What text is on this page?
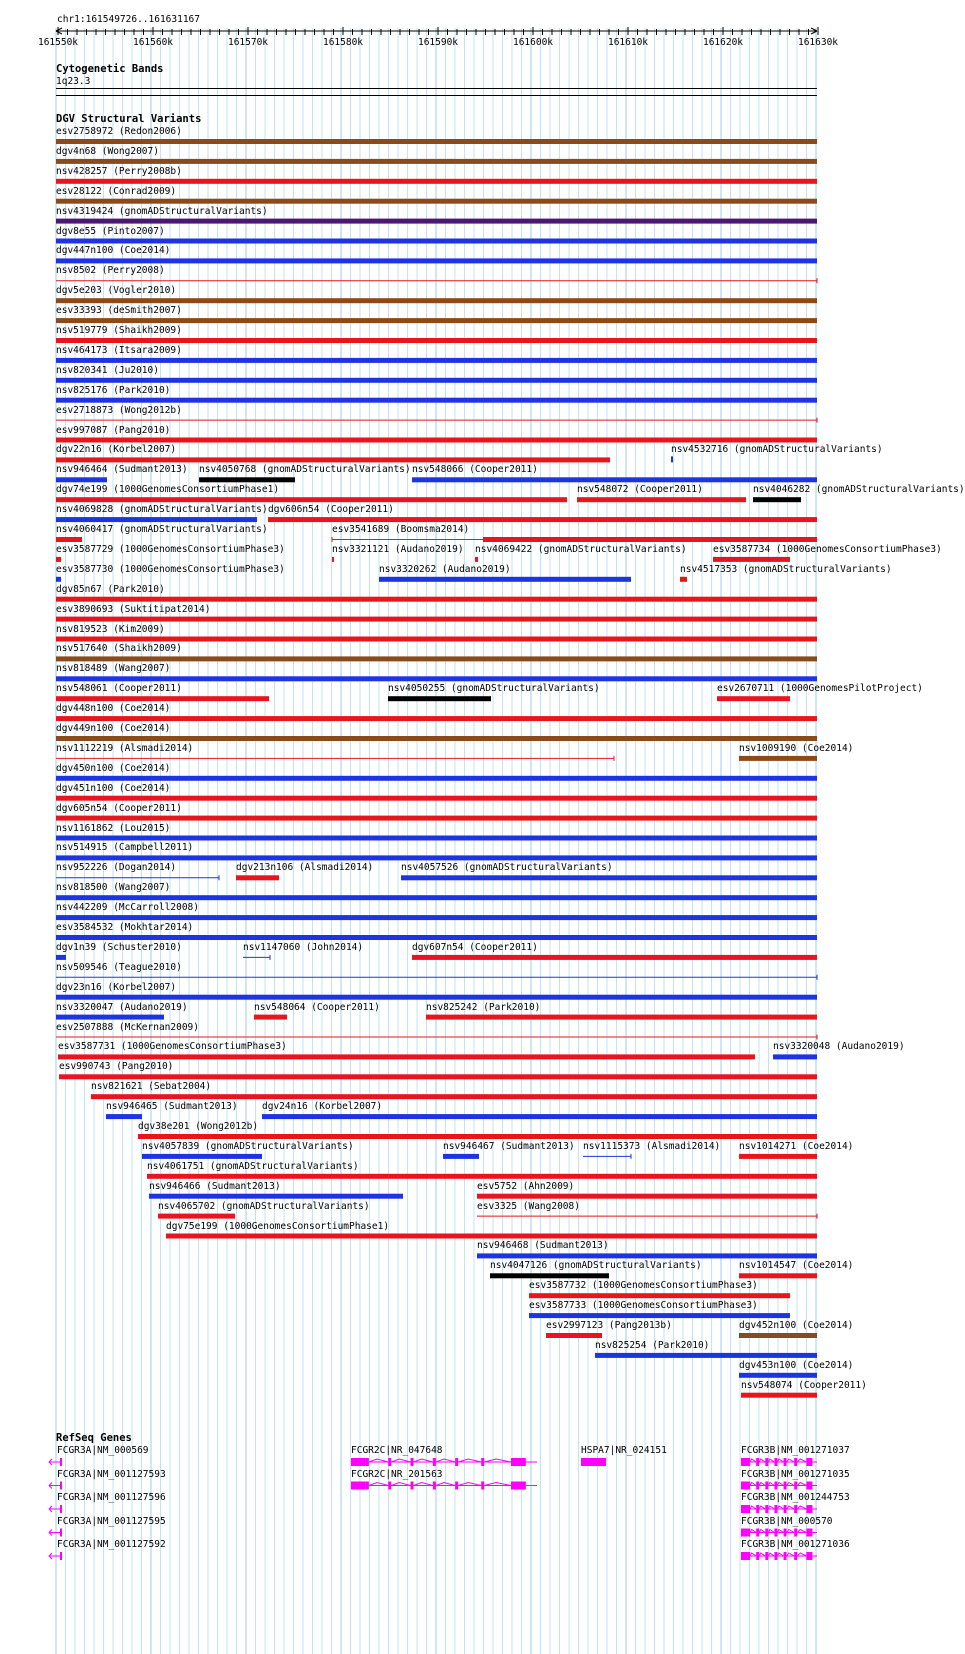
chr1:161549726..161631167
161550k	161560k	161570k	161580k	161590k	161600k	161610k	161620k	161630k
Cytogenetic Bands
1q23.3
DGV Structural Variants
esv2758972 (Redon2006)
dgv4n68 (Wong2007)
nsv428257 (Perry2008b)
esv28122 (Conrad2009)
nsv4319424 (gnomADStructuralVariants)
dgv8e55 (Pinto2007)
dgv447n100 (Coe2014)
nsv8502 (Perry2008)
dgv5e203 (Vogler2010)
esv33393 (deSmith2007)
nsv519779 (Shaikh2009)
nsv464173 (Itsara2009)
nsv820341 (Ju2010)
nsv825176 (Park2010)
esv2718873 (Wong2012b)
esv997087 (Pang2010)
dgv22n16 (Korbel2007)	nsv4532716 (gnomADStructuralVariants)
nsv946464 (Sudmant2013) nsv4050768 (gnomADStructuralVariants) nsv548066 (Cooper2011)
dgv74e199 (1000GenomesConsortiumPhase1)	nsv548072 (Cooper2011)	nsv4046282 (gnomADStructuralVariants)
nsv4069828 (gnomADStructuralVariants) dgv606n54 (Cooper2011)
nsv4060417 (gnomADStructuralVariants)	esv3541689 (Boomsma2014)
esv3587729 (1000GenomesConsortiumPhase3)	nsv3321121 (Audano2019) nsv4069422 (gnomADStructuralVariants)	esv3587734 (1000GenomesConsortiumPhase3)
esv3587730 (1000GenomesConsortiumPhase3)	nsv3320262 (Audano2019)	nsv4517353 (gnomADStructuralVariants)
dgv85n67 (Park2010)
esv3890693 (Suktitipat2014)
nsv819523 (Kim2009)
nsv517640 (Shaikh2009)
nsv818489 (Wang2007)
nsv548061 (Cooper2011)	nsv4050255 (gnomADStructuralVariants)	esv2670711 (1000GenomesPilotProject)
dgv448n100 (Coe2014)
dgv449n100 (Coe2014)
nsv1112219 (Alsmadi2014)	nsv1009190 (Coe2014)
dgv450n100 (Coe2014)
dgv451n100 (Coe2014)
dgv605n54 (Cooper2011)
nsv1161862 (Lou2015)
nsv514915 (Campbell2011)
nsv952226 (Dogan2014)	dgv213n106 (Alsmadi2014)	nsv4057526 (gnomADStructuralVariants)
nsv818500 (Wang2007)
nsv442209 (McCarroll2008)
esv3584532 (Mokhtar2014)
dgv1n39 (Schuster2010)	nsv1147060 (John2014)	dgv607n54 (Cooper2011)
nsv509546 (Teague2010)
dgv23n16 (Korbel2007)
nsv3320047 (Audano2019)	nsv548064 (Cooper2011)	nsv825242 (Park2010)
esv2507888 (McKernan2009)
esv3587731 (1000GenomesConsortiumPhase3)	nsv3320048 (Audano2019)
esv990743 (Pang2010)
nsv821621 (Sebat2004)
nsv946465 (Sudmant2013)	dgv24n16 (Korbel2007)
dgv38e201 (Wong2012b)
nsv4057839 (gnomADStructuralVariants)	nsv946467 (Sudmant2013) nsv1115373 (Alsmadi2014) nsv1014271 (Coe2014)
nsv4061751 (gnomADStructuralVariants)
nsv946466 (Sudmant2013)	esv5752 (Ahn2009)
nsv4065702 (gnomADStructuralVariants)	esv3325 (Wang2008)
dgv75e199 (1000GenomesConsortiumPhase1)
nsv946468 (Sudmant2013)
nsv4047126 (gnomADStructuralVariants)	nsv1014547 (Coe2014)
esv3587732 (1000GenomesConsortiumPhase3)
esv3587733 (1000GenomesConsortiumPhase3)
esv2997123 (Pang2013b)	dgv452n100 (Coe2014)
nsv825254 (Park2010)
dgv453n100 (Coe2014)
nsv548074 (Cooper2011)
RefSeq Genes
FCGR3A|NM_000569	FCGR2C|NR_047648	HSPA7|NR_024151	FCGR3B|NM_001271037
FCGR3A|NM_001127593	FCGR2C|NR_201563	FCGR3B|NM_001271035
FCGR3A|NM_001127596	FCGR3B|NM_001244753
FCGR3A|NM_001127595	FCGR3B|NM_000570
FCGR3A|NM_001127592	FCGR3B|NM_001271036
